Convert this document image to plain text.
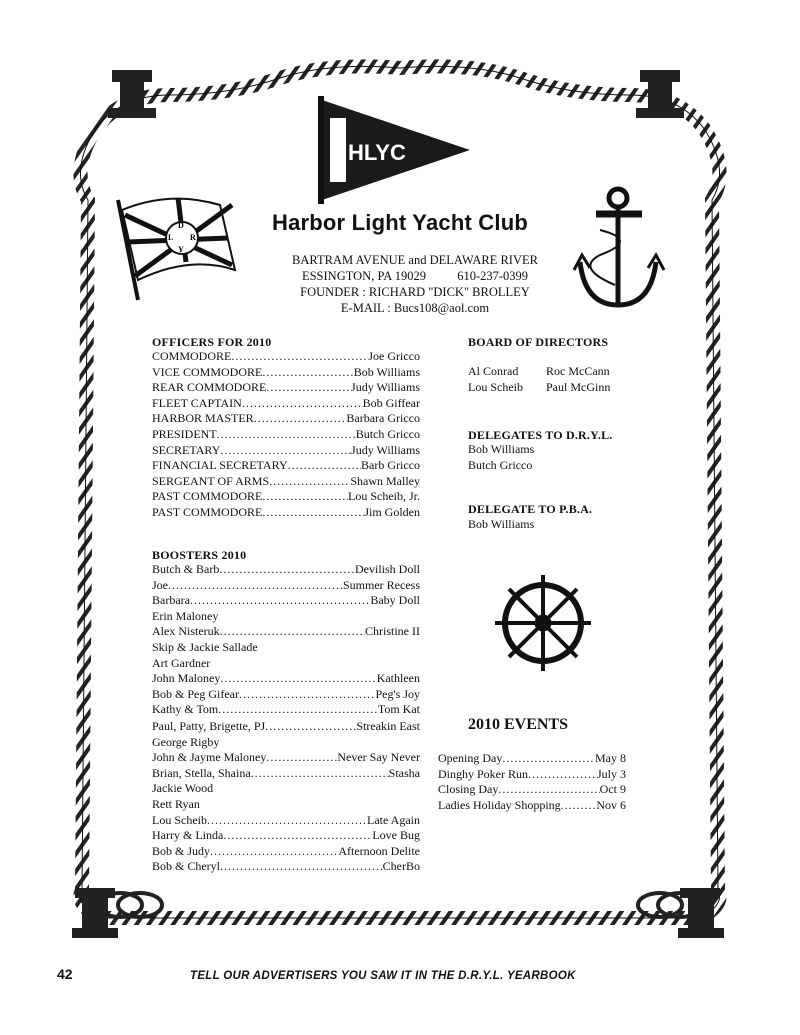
HLYC
D
R
Y
L
Harbor Light Yacht Club
BARTRAM AVENUE and DELAWARE RIVER
ESSINGTON, PA 19029          610-237-0399
FOUNDER : RICHARD "DICK" BROLLEY
E-MAIL : Bucs108@aol.com
OFFICERS FOR 2010
COMMODORE .....	Joe Gricco
VICE COMMODORE .....	Bob Williams
REAR COMMODORE .....	Judy Williams
FLEET CAPTAIN .....	Bob Giffear
HARBOR MASTER .....	Barbara Gricco
PRESIDENT .....	Butch Gricco
SECRETARY .....	Judy Williams
FINANCIAL SECRETARY .....	Barb Gricco
SERGEANT OF ARMS .....	Shawn Malley
PAST COMMODORE .....	Lou Scheib, Jr.
PAST COMMODORE .....	Jim Golden
BOARD OF DIRECTORS
Al Conrad	Roc McCann
Lou Scheib	Paul McGinn
DELEGATES TO D.R.Y.L.
Bob Williams
Butch Gricco
DELEGATE TO P.B.A.
Bob Williams
BOOSTERS 2010
Butch & Barb .....	Devilish Doll
Joe .....	Summer Recess
Barbara .....	Baby Doll
Erin Maloney
Alex Nisteruk .....	Christine II
Skip & Jackie Sallade
Art Gardner
John Maloney .....	Kathleen
Bob & Peg Gifear .....	Peg's Joy
Kathy & Tom .....	Tom Kat
Paul, Patty, Brigette, PJ .....	Streakin East
George Rigby
John & Jayme Maloney .....	Never Say Never
Brian, Stella, Shaina .....	Stasha
Jackie Wood
Rett Ryan
Lou Scheib .....	Late Again
Harry & Linda .....	Love Bug
Bob & Judy .....	Afternoon Delite
Bob & Cheryl .....	CherBo
2010 EVENTS
Opening Day .....	May 8
Dinghy Poker Run .....	July 3
Closing Day .....	Oct 9
Ladies Holiday Shopping .....	Nov 6
42	TELL OUR ADVERTISERS YOU SAW IT IN THE D.R.Y.L. YEARBOOK
